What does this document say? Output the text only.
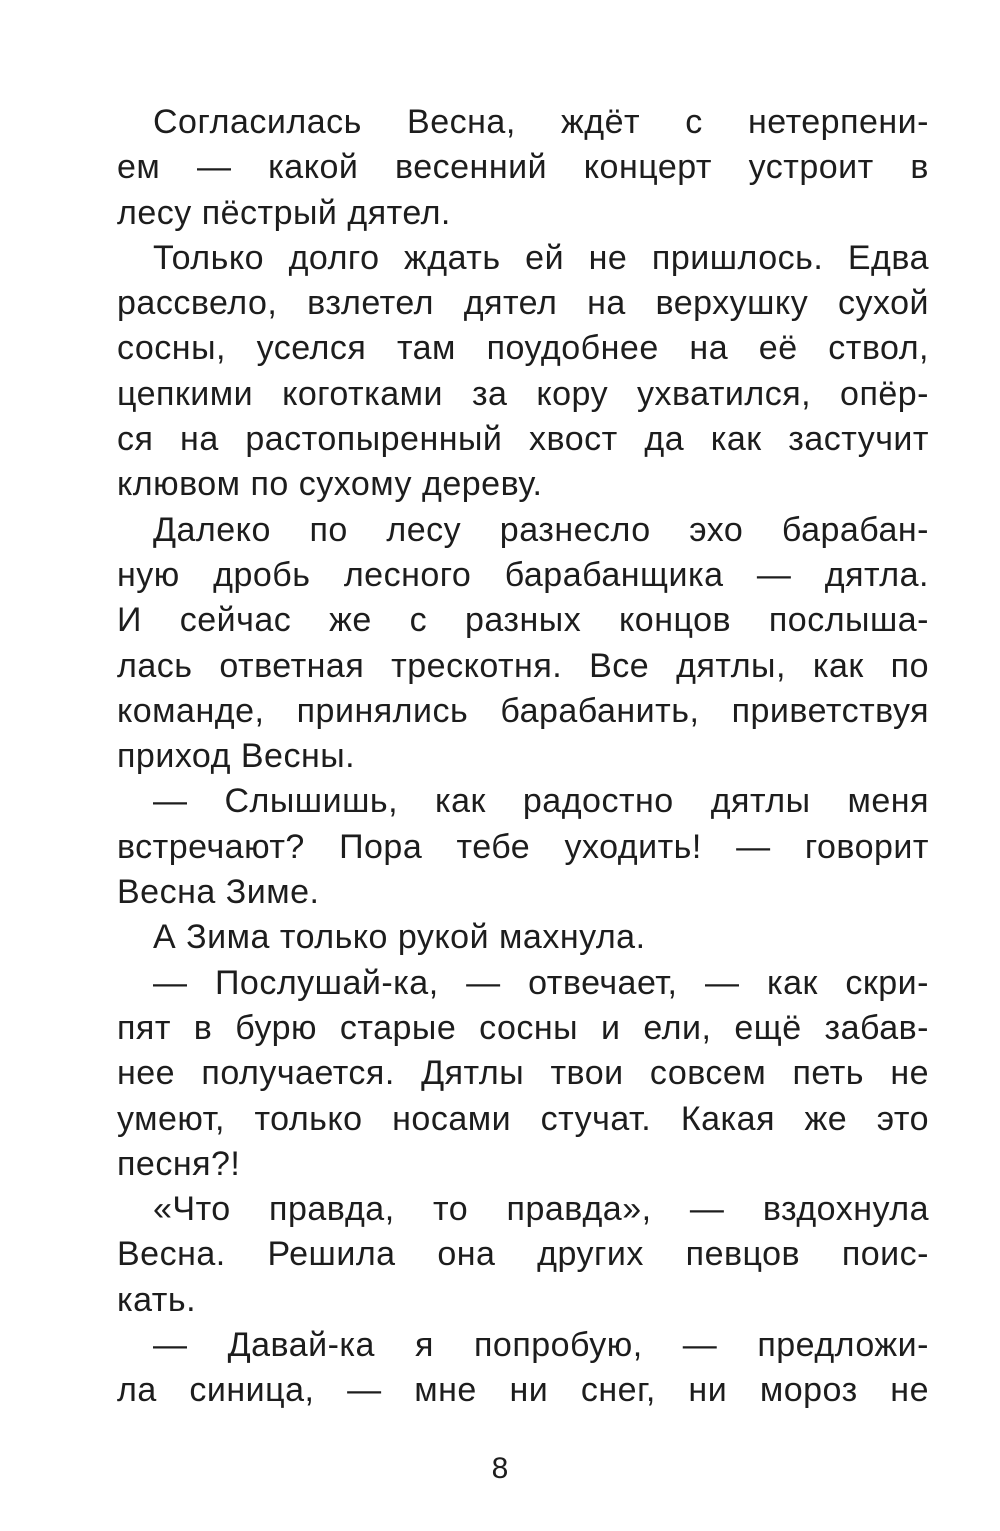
Согласилась Весна, ждёт с нетерпени-
ем — какой весенний концерт устроит в
лесу пёстрый дятел.
Только долго ждать ей не пришлось. Едва
рассвело, взлетел дятел на верхушку сухой
сосны, уселся там поудобнее на её ствол,
цепкими коготками за кору ухватился, опёр-
ся на растопыренный хвост да как застучит
клювом по сухому дереву.
Далеко по лесу разнесло эхо барабан-
ную дробь лесного барабанщика — дятла.
И сейчас же с разных концов послыша-
лась ответная трескотня. Все дятлы, как по
команде, принялись барабанить, приветствуя
приход Весны.
— Слышишь, как радостно дятлы меня
встречают? Пора тебе уходить! — говорит
Весна Зиме.
А Зима только рукой махнула.
— Послушай-ка, — отвечает, — как скри-
пят в бурю старые сосны и ели, ещё забав-
нее получается. Дятлы твои совсем петь не
умеют, только носами стучат. Какая же это
песня?!
«Что правда, то правда», — вздохнула
Весна. Решила она других певцов поис-
кать.
— Давай-ка я попробую, — предложи-
ла синица, — мне ни снег, ни мороз не
8
